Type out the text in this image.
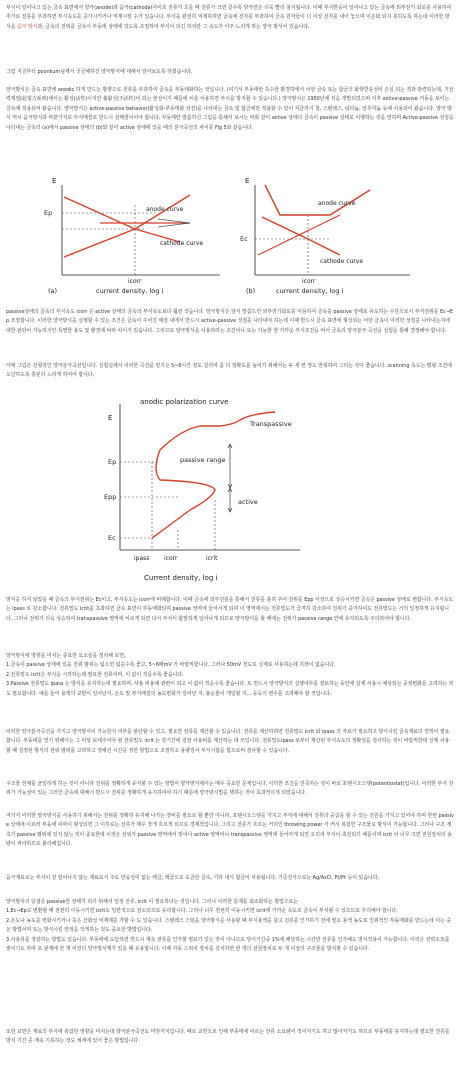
부식이 일어나고 있는 금속 표면에서 양극(anode)과 음극(cathode)사이로 전류가 흐를 때 전류가 크면 클수록 양극면은 더욱 빨리 침식됩니다. 이때 부식반응이 일어나고 있는 금속에 외부전기 회로를 사용하여 추가로 전류를 부과하면 부식속도를 증가시키거나 억제시킬 수가 있습니다. 부식을 완전히 억제하려면 금속에 전자를 부과하여 금속 원자들이 더 이상 전자를 내어 놓으며 이온화 되지 못하도록 하는데 이러한 방식을 음극 방식과, 금속의 전위를 금속이 부동태 상태에 있도록 조절하여 부식이 되긴 하지만 그 속도가 아주 느리게 하는 양극 방식이 있습니다.

그럼 지금부터 poonkum님께서 궁금해하신 양극방식에 대해서 알아보도록 하겠습니다.

양극방식은 금속 표면에 anodic 하게 만드는 방향으로 전류를 부과하여 금속을 부동태화하는 것입니다. (여기서 부동태란 특수한 환경하에서 어떤 금속 또는 합금의 화학반응성이 손실 되는 것과 관련되는데, 기전력계열(起電力系列)에서는 활성(活性)이지만 불활성(不活性)이 되는 현상이기 때문에 이를 이용하면 부식을 방지할 수 있습니다.) 양극방식은 1950년에 처음 개발되었으며 이후 active-passive 거동을 보이는 금속에 적용되어 왔습니다. 양극방식은 active-passive behavior(활성화-부동태화 성질)을 나타내는 금속 및 합금에만 적용할 수 있어 지금까지 철, 스텐레스, 티타늄, 알루미늄 등에 사용되어 왔습니다. 양극 방식 역시 음극방식과 마찬가지로 부식매질로 반드시 전해질이어야 합니다. 부동태란 말씀하신 그림을 통해서 보시는 바와 같이 active 상태의 금속이 passive 상태로 이행하는 것을 말하며 Active-passive 성질을 나타내는 금속의 (a)에서 passive 상태의 (b)와 같이 active 상태에 있을 때의 분극곡선의 차이를 Fig 5와 같습니다.

E
Ep	anode curve
cathode curve
icorr
current density, log i
(a)
E
Ec
anode curve
cathode curve
icorr
current density, log i
(b)

passive상태의 금속의 부식속도 icorr 은 active 상태의 금속의 부식속도보다 훨씬 작습니다. 양극방식은 앞서 말씀드린 외부전기회로를 이용하여 금속을 passive 상태로 유도하는 수단으로서 부식전위를 Ec→Ep 조절합니다. 이러한 양극방식을 실행할 수 있는 조건은 금속이 주어진 매질 내에서 반드시 active-passive 성질을 나타내야 하는데 이때 반드시 금속 표면에 형성되는 어떤 금속이 이러한 성질을 나타내는지에 대한 판단이 가능하지만 특별한 용도 및 환경에 따라 차이가 있습니다. 그러므로 양극방식을 사용하려는 조건이나 또는 가능한 한 가까운 부식조건을 써서 금속의 양극분극 곡선을 실험을 통해 결정해야 합니다.

아래 그림은 전형적인 양극분극곡선입니다. 실험실에서 이러한 곡선을 얻기는 5~6시간 정도 걸리며 좀 더 정확도를 높이기 위해서는 두 세 번 정도 반복하여 그리는 것이 좋습니다. scanning 속도는 평형 조건에 도달하도록 충분히 느리게 하여야 합니다.

anodic polarization curve
E
Ep
Epp
Ec
Transpassive
passive range
active
ipass icorr	icrit
Current density, log i

방식을 하지 않았을 때 금속의 부식전위는 Ec이고, 부식속도는 icorr에 비례합니다. 이때 금속에 외부전원을 통해서 전류를 흘려 주어 전위를 Epp 이상으로 상승시키면 금속은 passive 상태로 변합니다. 부식속도는 ipass 로 감소합니다. 전류밀도 icrit를 초과하면 금속 표면이 부동태화되며 passive 영역에 들어서게 되며 이 영역에서는 전류밀도가 급격히 감소하여 전위가 증가하여도 전류밀도는 거의 일정하게 유지됩니다. 그러나 전위가 더욱 상승하여 transpassive 영역에 이르게 되면 다시 부식이 활발하게 일어나게 되므로 양극방식을 할 때에는 전위가 passive range 안에 유지되도록 주의하여야 합니다.

양극방식에 영향을 미치는 중요한 요소들을 정리해 보면,
1.금속이 passive 상태에 있을 전위 범위는 넓으면 넓을수록 좋고, 5~6배mV 가 바람직합니다. 그러나 50mV 정도로 실제로 사용하는데 지장이 없습니다.
2.전류밀도 icrit은 부식을 시작하는데 필요한 전류이며, 이 값이 적을수록 좋습니다.
3.Passive 전류밀도 ipass 는 방식을 유지하는데 필요하며, 사용 비용에 관련이 되고 이 값이 적을수록 좋습니다. 또 반드시 양극방식의 실행여부를 검토하는 동안에 실제 사용시 예상되는 공정변화를 고려하는 것도 필요합니다. 예를 들어 용액의 교반이 일어날지, 온도 및 부식매질의 농도변화가 일어날 지, 불순물이 개입할 지... 등등의 변수를 고려해야 할 것입니다.

이러한 양극분극곡선을 가지고 양극방식이 가능한지 여부를 판단할 수 있고, 필요한 전류를 계산할 수 있습니다. 전류를 계산하려면 전류밀도 icrit 와 ipass 의 자료가 필요하고 방식시킬 금속재료의 면적이 필요합니다. 부동태를 얻기 위해서는 그 이상 보태주어야 할 전류밀도 icrit 는 장기간에 걸친 사용비를 계산하는 데 쓰입니다. 전류밀도ipass 로부터 계산된 부식속도의 정확성을 검사하는 것이 바람직한데 실제 사용할 때 설정된 방식의 전위 범위를 고려하고 정해진 시간을 정한 방법으로 조절하고 용량검사 부식시험을 함으로써 검사할 수 있습니다.

구조물 전체를 균일하게 하는 것이 아니라 전위를 정확하게 유지할 수 있는 방법이 양극방식에서는 매우 중요한 문제입니다. 이러한 조건을 만족하는 것이 바로 포텐시오스탯(potentiostat)입니다. 이러한 부식 전위가 가능성이 있는 그러한 금속에 대해서 반드시 전위를 정확하게 유지하여야 하기 때문에 양극방식법을 택하는 것이 효과적이게 되었습니다.

여기서 이러한 양극방식을 사용하기 위해서는 전위를 정확히 유지해 나가는 장비를 필요로 할 뿐만 아니라, 포텐시오스탯을 가지고 부식에 대해서 전류의 공급을 할 수 있는 전원을 가지고 있어야 하며 한번 passive 상태에 이르러 부동태 피막이 형성되면 그 이후로는 전류가 매우 작게 흐르게 되므로 경제적입니다. 그리고 전류가 흐르는 거리인 throwing power 가 커서 복잡한 구조물도 방식이 가능합니다. 그러나 구조 계측기 passive 범위에 있지 않는 것이 중요한데 이것은 전위가 passive 영역에서 벗어나 active 영역이나 transpassive 영역에 들어가게 되면 오히려 부식이 촉진되기 때문이며 icrit 이 너무 크면 전원장치의 용량이 커야하므로 불리해집니다.

음극재료로는 부식이 잘 일어나지 않는 재료로서 주로 반응성이 없는 백금, 백금으로 도금한 금속, 기타 내식 합금이 사용됩니다. 기준전극으로는 Ag/AsCl, Pt/Pt 등이 있습니다.

양극방식의 단점은 passive한 상태가 되기 위해서 일정 전류, icrit 이 필요하다는 것입니다. 그러나 이러한 문제를 최소화하는 방법으로는
1.Ec→Ep로 변환할 때 천천히 이동시키면 icrit도 일반적으로 감소되므로 유리합니다. 그러나 너무 천천히 이동시키면 icrit에 가까운 속도로 금속이 부식될 수 있으므로 주의해야 합니다.
2.온도나 농도를 변화시키거나 혹은 산화성 억제제를 가할 수 도 있습니다. 스텐레스 스틸을 양극방식을 사용할 때 부식용액을 담고 전류를 인가하기 전에 필요 용액 농도로 인위적인 부동태화를 만드는데 이는 중온 방법이며 또는 방식시킬 면적을 작게하는 것도 중요한 방법입니다.
3.사용하를 경감하는 방법도 있습니다. 부동태에 도달하면 반드시 계속 전류를 인가할 필요가 있는 것이 아니므로 방식기간중 1%에 해당하는 시간만 전류를 인가해도 방식작용이 가능합니다. 이것은 전력소모를 줄이기도 하며 또 관계에 한 개 이상의 양극방식계가 있을 때 유용합니다. 이때 자동 스위치 장치를 설치하면 한 개의 전원장치로 두 개 이상의 구조물을 방식할 수 있습니다.

또한 교반은 재료의 부식에 복잡한 영향을 미치는데 양극분극곡선도 마찬가지입니다. 때로 교반으로 인해 부동태에 이르는 전류 소요량이 적어지기도 하고 많아지기도 하므로 부동태를 유지하는데 필요한 전류를 방식 기간 중 계속 기록하는 것도 체계에 있어 좋은 방법입니다.
